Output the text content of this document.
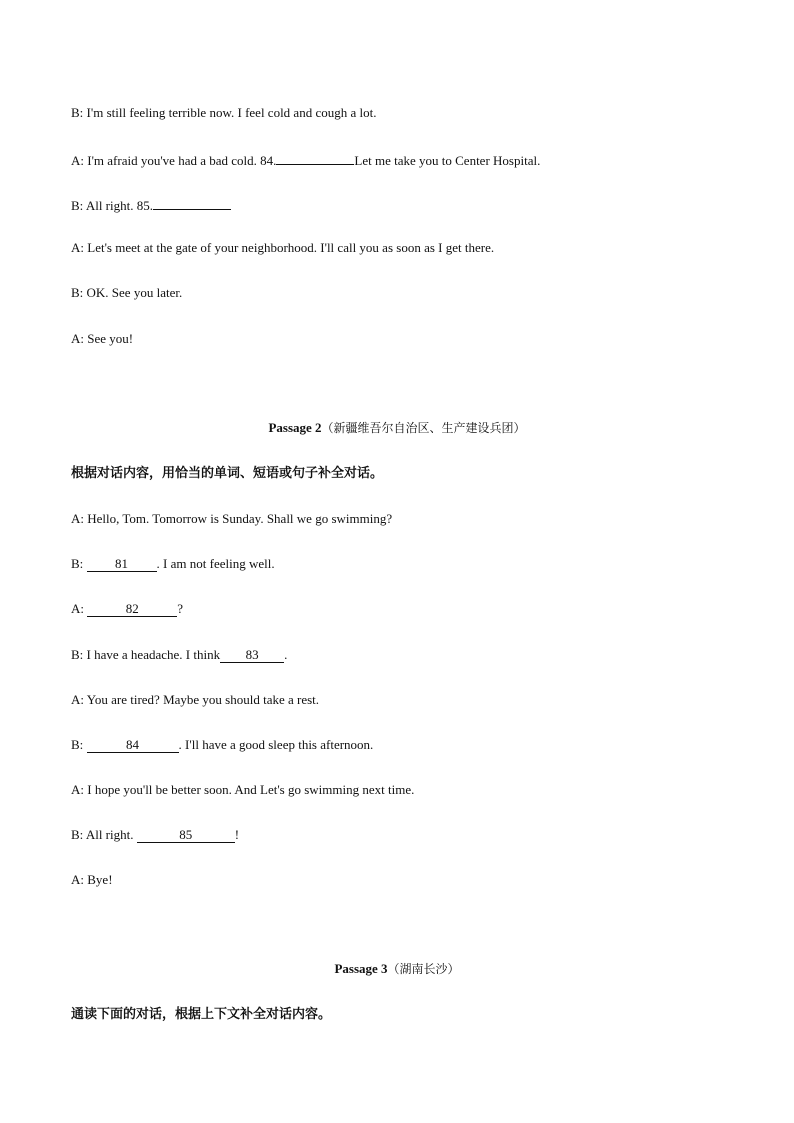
B: I'm still feeling terrible now. I feel cold and cough a lot.
A: I'm afraid you've had a bad cold. 84.	Let me take you to Center Hospital.
B: All right. 85.
A: Let's meet at the gate of your neighborhood. I'll call you as soon as I get there.
B: OK. See you later.
A: See you!
Passage 2（新疆维吾尔自治区、生产建设兵团）
根据对话内容，用恰当的单词、短语或句子补全对话。
A: Hello, Tom. Tomorrow is Sunday. Shall we go swimming?
B: 81 . I am not feeling well.
A:	82	?
B: I have a headache. I think 83 .
A: You are tired? Maybe you should take a rest.
B:	84	. I'll have a good sleep this afternoon.
A: I hope you'll be better soon. And Let's go swimming next time.
B: All right.	85	!
A: Bye!
Passage 3（湖南长沙）
通读下面的对话，根据上下文补全对话内容。
